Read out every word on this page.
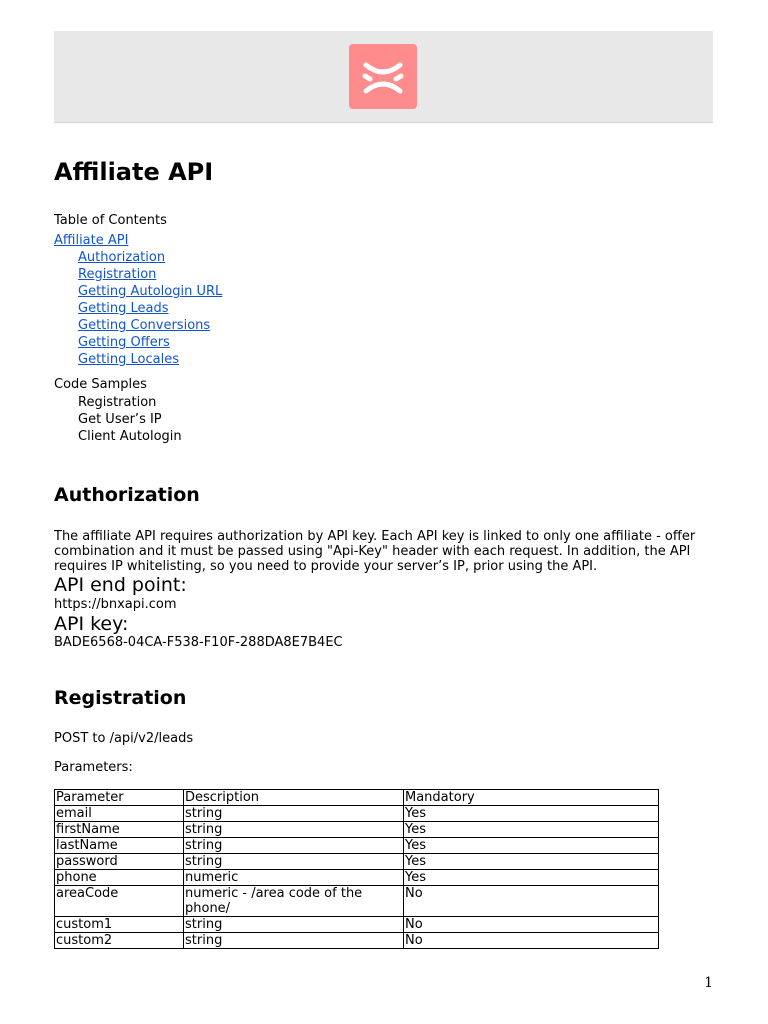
Affiliate API

Table of Contents

Affiliate API
Authorization
Registration
Getting Autologin URL
Getting Leads
Getting Conversions
Getting Offers
Getting Locales

Code Samples

Registration
Get User’s IP
Client Autologin
Authorization

The affiliate API requires authorization by API key. Each API key is linked to only one affiliate - offer combination and it must be passed using "Api-Key" header with each request. In addition, the API requires IP whitelisting, so you need to provide your server’s IP, prior using the API.

API end point:

https://bnxapi.com

API key:

BADE6568-04CA-F538-F10F-288DA8E7B4EC

Registration

POST to /api/v2/leads

Parameters:

Parameter	Description	Mandatory
email	string	Yes
firstName	string	Yes
lastName	string	Yes
password	string	Yes
phone	numeric	Yes
areaCode	numeric - /area code of the phone/	No
custom1	string	No
custom2	string	No
1
